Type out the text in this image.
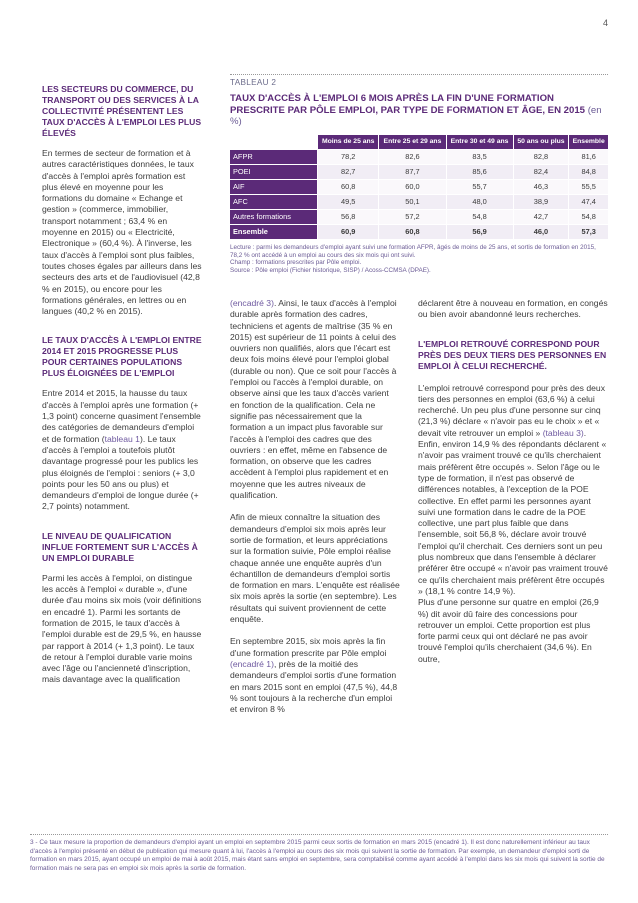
4

LES SECTEURS DU COMMERCE, DU TRANSPORT OU DES SERVICES À LA COLLECTIVITÉ PRÉSENTENT LES TAUX D'ACCÈS À L'EMPLOI LES PLUS ÉLEVÉS

En termes de secteur de formation et à autres caractéristiques données, le taux d'accès à l'emploi après formation est plus élevé en moyenne pour les formations du domaine « Echange et gestion » (commerce, immobilier, transport notamment ; 63,4 % en moyenne en 2015) ou « Electricité, Electronique » (60,4 %). À l'inverse, les taux d'accès à l'emploi sont plus faibles, toutes choses égales par ailleurs dans les secteurs des arts et de l'audiovisuel (42,8 % en 2015), ou encore pour les formations générales, en lettres ou en langues (40,2 % en 2015).

LE TAUX D'ACCÈS À L'EMPLOI ENTRE 2014 ET 2015 PROGRESSE PLUS POUR CERTAINES POPULATIONS PLUS ÉLOIGNÉES DE L'EMPLOI

Entre 2014 et 2015, la hausse du taux d'accès à l'emploi après une formation (+ 1,3 point) concerne quasiment l'ensemble des catégories de demandeurs d'emploi et de formation (tableau 1). Le taux d'accès à l'emploi a toutefois plutôt davantage progressé pour les publics les plus éloignés de l'emploi : seniors (+ 3,0 points pour les 50 ans ou plus) et demandeurs d'emploi de longue durée (+ 2,7 points) notamment.

LE NIVEAU DE QUALIFICATION INFLUE FORTEMENT SUR L'ACCÈS À UN EMPLOI DURABLE

Parmi les accès à l'emploi, on distingue les accès à l'emploi « durable », d'une durée d'au moins six mois (voir définitions en encadré 1). Parmi les sortants de formation de 2015, le taux d'accès à l'emploi durable est de 29,5 %, en hausse par rapport à 2014 (+ 1,3 point). Le taux de retour à l'emploi durable varie moins avec l'âge ou l'ancienneté d'inscription, mais davantage avec la qualification

TABLEAU 2
TAUX D'ACCÈS À L'EMPLOI 6 MOIS APRÈS LA FIN D'UNE FORMATION PRESCRITE PAR PÔLE EMPLOI, PAR TYPE DE FORMATION ET ÂGE, EN 2015 (en %)
	Moins de 25 ans	Entre 25 et 29 ans	Entre 30 et 49 ans	50 ans ou plus	Ensemble
AFPR	78,2	82,6	83,5	82,8	81,6
POEI	82,7	87,7	85,6	82,4	84,8
AIF	60,8	60,0	55,7	46,3	55,5
AFC	49,5	50,1	48,0	38,9	47,4
Autres formations	56,8	57,2	54,8	42,7	54,8
Ensemble	60,9	60,8	56,9	46,0	57,3
Lecture : parmi les demandeurs d'emploi ayant suivi une formation AFPR, âgés de moins de 25 ans, et sortis de formation en 2015, 78,2 % ont accédé à un emploi au cours des six mois qui ont suivi.
Champ : formations prescrites par Pôle emploi.
Source : Pôle emploi (Fichier historique, SISP) / Acoss-CCMSA (DPAE).

(encadré 3). Ainsi, le taux d'accès à l'emploi durable après formation des cadres, techniciens et agents de maîtrise (35 % en 2015) est supérieur de 11 points à celui des ouvriers non qualifiés, alors que l'écart est deux fois moins élevé pour l'emploi global (durable ou non). Que ce soit pour l'accès à l'emploi ou l'accès à l'emploi durable, on observe ainsi que les taux d'accès varient en fonction de la qualification. Cela ne signifie pas nécessairement que la formation a un impact plus favorable sur l'accès à l'emploi des cadres que des ouvriers : en effet, même en l'absence de formation, on observe que les cadres accèdent à l'emploi plus rapidement et en moyenne que les autres niveaux de qualification.

Afin de mieux connaître la situation des demandeurs d'emploi six mois après leur sortie de formation, et leurs appréciations sur la formation suivie, Pôle emploi réalise chaque année une enquête auprès d'un échantillon de demandeurs d'emploi sortis de formation en mars. L'enquête est réalisée six mois après la sortie (en septembre). Les résultats qui suivent proviennent de cette enquête.

En septembre 2015, six mois après la fin d'une formation prescrite par Pôle emploi (encadré 1), près de la moitié des demandeurs d'emploi sortis d'une formation en mars 2015 sont en emploi (47,5 %), 44,8 % sont toujours à la recherche d'un emploi et environ 8 %

déclarent être à nouveau en formation, en congés ou bien avoir abandonné leurs recherches.

L'EMPLOI RETROUVÉ CORRESPOND POUR PRÈS DES DEUX TIERS DES PERSONNES EN EMPLOI À CELUI RECHERCHÉ.

L'emploi retrouvé correspond pour près des deux tiers des personnes en emploi (63,6 %) à celui recherché. Un peu plus d'une personne sur cinq (21,3 %) déclare « n'avoir pas eu le choix » et « devait vite retrouver un emploi » (tableau 3). Enfin, environ 14,9 % des répondants déclarent « n'avoir pas vraiment trouvé ce qu'ils cherchaient mais préfèrent être occupés ». Selon l'âge ou le type de formation, il n'est pas observé de différences notables, à l'exception de la POE collective. En effet parmi les personnes ayant suivi une formation dans le cadre de la POE collective, une part plus faible que dans l'ensemble, soit 56,8 %, déclare avoir trouvé l'emploi qu'il cherchait. Ces derniers sont un peu plus nombreux que dans l'ensemble à déclarer préférer être occupé « n'avoir pas vraiment trouvé ce qu'ils cherchaient mais préfèrent être occupés » (18,1 % contre 14,9 %).

Plus d'une personne sur quatre en emploi (26,9 %) dit avoir dû faire des concessions pour retrouver un emploi. Cette proportion est plus forte parmi ceux qui ont déclaré ne pas avoir trouvé l'emploi qu'ils cherchaient (34,6 %). En outre,

3 - Ce taux mesure la proportion de demandeurs d'emploi ayant un emploi en septembre 2015 parmi ceux sortis de formation en mars 2015 (encadré 1). Il est donc naturellement inférieur au taux d'accès à l'emploi présenté en début de publication qui mesure quant à lui, l'accès à l'emploi au cours des six mois qui suivent la sortie de formation. Par exemple, un demandeur d'emploi sorti de formation en mars 2015, ayant occupé un emploi de mai à août 2015, mais étant sans emploi en septembre, sera comptabilisé comme ayant accédé à l'emploi dans les six mois qui suivent la sortie de formation mais ne sera pas en emploi six mois après la sortie de formation.
